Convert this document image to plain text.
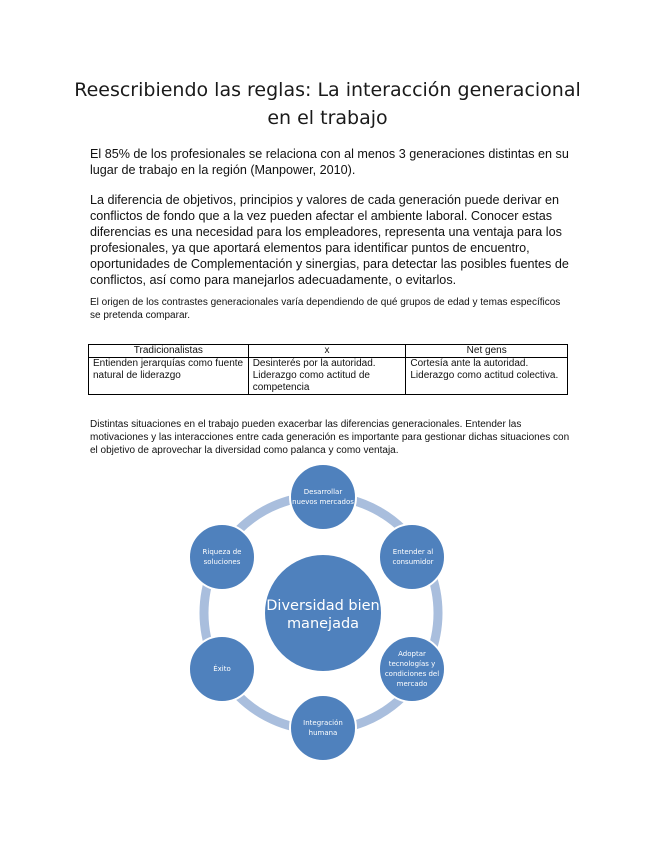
Reescribiendo las reglas: La interacción generacional en el trabajo
El 85% de los profesionales se relaciona con al menos 3 generaciones distintas en su lugar de trabajo en la región (Manpower, 2010).
La diferencia de objetivos, principios y valores de cada generación puede derivar en conflictos de fondo que a la vez pueden afectar el ambiente laboral. Conocer estas diferencias es una necesidad para los empleadores, representa una ventaja para los profesionales, ya que aportará elementos para identificar puntos de encuentro, oportunidades de Complementación y sinergias, para detectar las posibles fuentes de conflictos, así como para manejarlos adecuadamente, o evitarlos.
El origen de los contrastes generacionales varía dependiendo de qué grupos de edad y temas específicos se pretenda comparar.
Tradicionalistas	x	Net gens
Entienden jerarquías como fuente natural de liderazgo	Desinterés por la autoridad. Liderazgo como actitud de competencia	Cortesía ante la autoridad. Liderazgo como actitud colectiva.
Distintas situaciones en el trabajo pueden exacerbar las diferencias generacionales. Entender las motivaciones y las interacciones entre cada generación es importante para gestionar dichas situaciones con el objetivo de aprovechar la diversidad como palanca y como ventaja.
Diversidad bien manejada
Desarrollar nuevos mercados
Entender al consumidor
Adoptar tecnologías y condiciones del mercado
Integración humana
Éxito
Riqueza de soluciones
